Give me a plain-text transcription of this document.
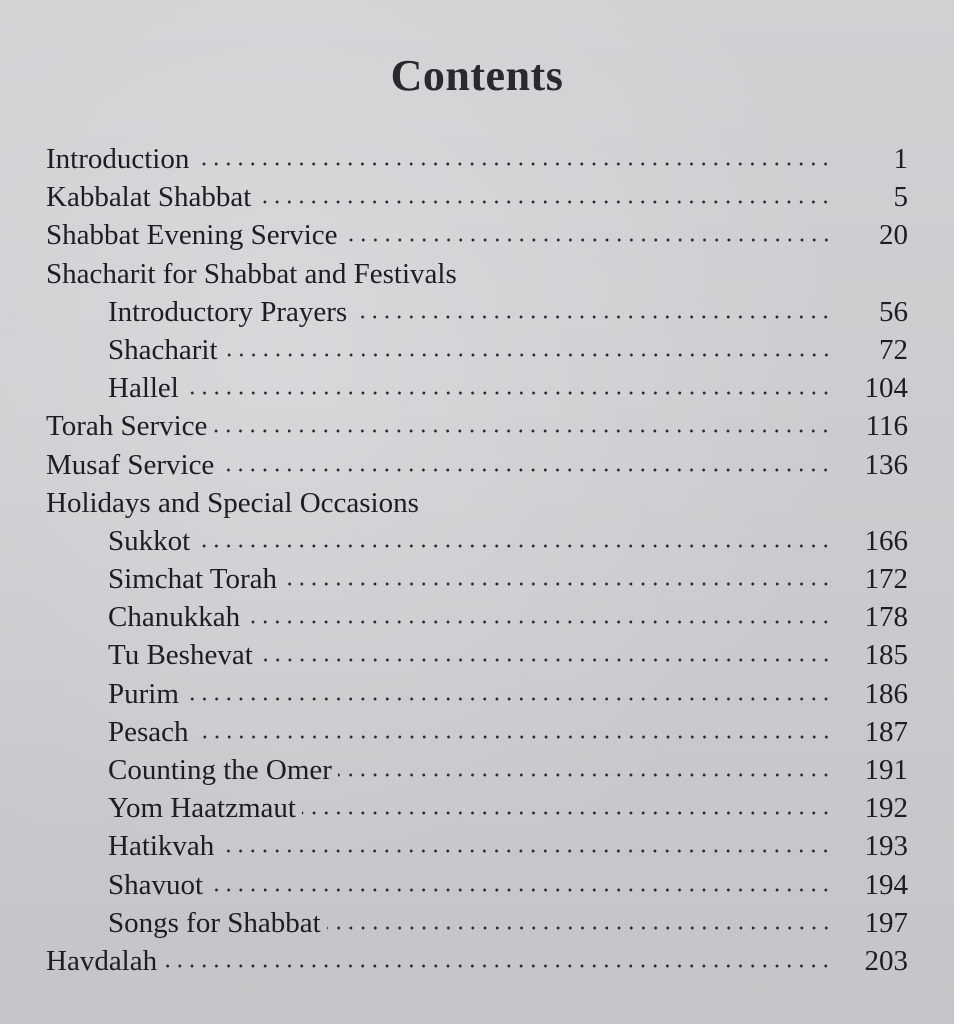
Contents
Introduction	1
Kabbalat Shabbat	5
Shabbat Evening Service	20
Shacharit for Shabbat and Festivals
Introductory Prayers	56
Shacharit	72
Hallel	104
Torah Service	116
Musaf Service	136
Holidays and Special Occasions
Sukkot	166
Simchat Torah	172
Chanukkah	178
Tu Beshevat	185
Purim	186
Pesach	187
Counting the Omer	191
Yom Haatzmaut	192
Hatikvah	193
Shavuot	194
Songs for Shabbat	197
Havdalah	203
